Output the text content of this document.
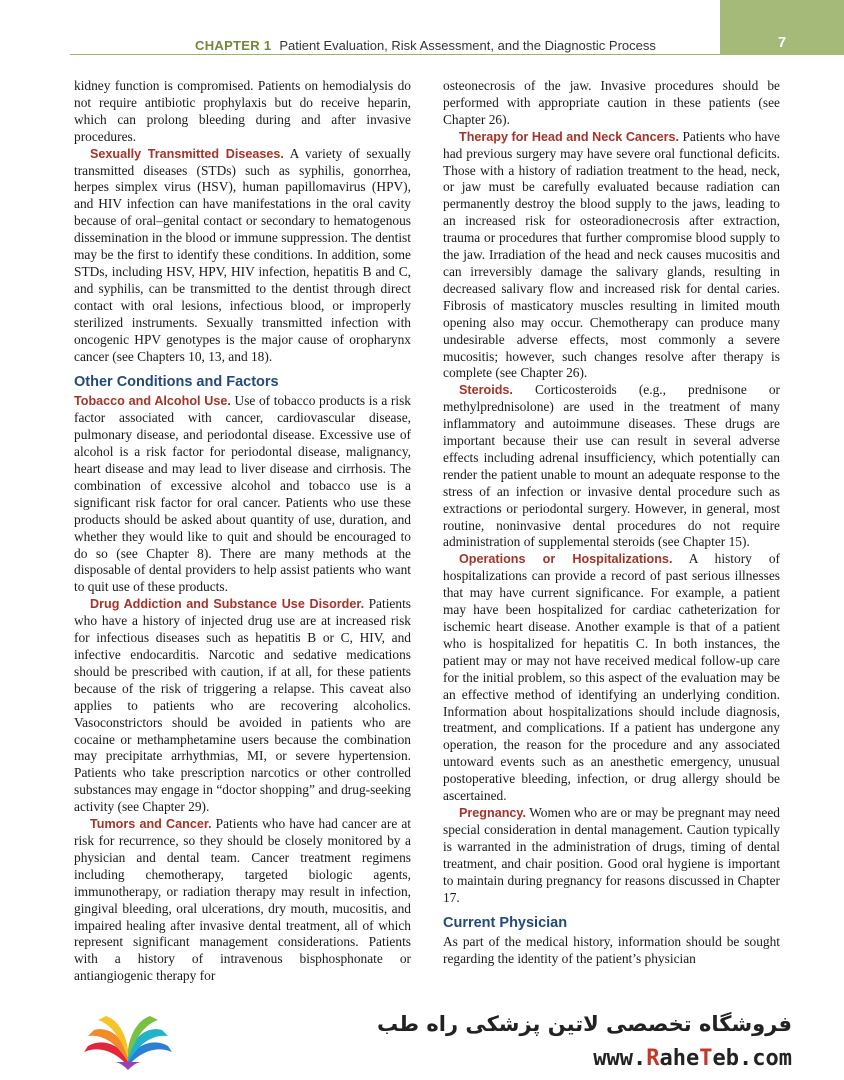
CHAPTER 1 Patient Evaluation, Risk Assessment, and the Diagnostic Process	7

kidney function is compromised. Patients on hemodialysis do not require antibiotic prophylaxis but do receive heparin, which can prolong bleeding during and after invasive procedures.

Sexually Transmitted Diseases. A variety of sexually transmitted diseases (STDs) such as syphilis, gonorrhea, herpes simplex virus (HSV), human papillomavirus (HPV), and HIV infection can have manifestations in the oral cavity because of oral–genital contact or secondary to hematogenous dissemination in the blood or immune suppression. The dentist may be the first to identify these conditions. In addition, some STDs, including HSV, HPV, HIV infection, hepatitis B and C, and syphilis, can be transmitted to the dentist through direct contact with oral lesions, infectious blood, or improperly sterilized instruments. Sexually transmitted infection with oncogenic HPV genotypes is the major cause of oropharynx cancer (see Chapters 10, 13, and 18).

Other Conditions and Factors

Tobacco and Alcohol Use. Use of tobacco products is a risk factor associated with cancer, cardiovascular disease, pulmonary disease, and periodontal disease. Excessive use of alcohol is a risk factor for periodontal disease, malignancy, heart disease and may lead to liver disease and cirrhosis. The combination of excessive alcohol and tobacco use is a significant risk factor for oral cancer. Patients who use these products should be asked about quantity of use, duration, and whether they would like to quit and should be encouraged to do so (see Chapter 8). There are many methods at the disposable of dental providers to help assist patients who want to quit use of these products.

Drug Addiction and Substance Use Disorder. Patients who have a history of injected drug use are at increased risk for infectious diseases such as hepatitis B or C, HIV, and infective endocarditis. Narcotic and sedative medications should be prescribed with caution, if at all, for these patients because of the risk of triggering a relapse. This caveat also applies to patients who are recovering alcoholics. Vasoconstrictors should be avoided in patients who are cocaine or methamphetamine users because the combination may precipitate arrhythmias, MI, or severe hypertension. Patients who take prescription narcotics or other controlled substances may engage in “doctor shopping” and drug-seeking activity (see Chapter 29).

Tumors and Cancer. Patients who have had cancer are at risk for recurrence, so they should be closely monitored by a physician and dental team. Cancer treatment regimens including chemotherapy, targeted biologic agents, immunotherapy, or radiation therapy may result in infection, gingival bleeding, oral ulcerations, dry mouth, mucositis, and impaired healing after invasive dental treatment, all of which represent significant management considerations. Patients with a history of intravenous bisphosphonate or antiangiogenic therapy for

osteonecrosis of the jaw. Invasive procedures should be performed with appropriate caution in these patients (see Chapter 26).

Therapy for Head and Neck Cancers. Patients who have had previous surgery may have severe oral functional deficits. Those with a history of radiation treatment to the head, neck, or jaw must be carefully evaluated because radiation can permanently destroy the blood supply to the jaws, leading to an increased risk for osteoradionecrosis after extraction, trauma or procedures that further compromise blood supply to the jaw. Irradiation of the head and neck causes mucositis and can irreversibly damage the salivary glands, resulting in decreased salivary flow and increased risk for dental caries. Fibrosis of masticatory muscles resulting in limited mouth opening also may occur. Chemotherapy can produce many undesirable adverse effects, most commonly a severe mucositis; however, such changes resolve after therapy is complete (see Chapter 26).

Steroids. Corticosteroids (e.g., prednisone or methylprednisolone) are used in the treatment of many inflammatory and autoimmune diseases. These drugs are important because their use can result in several adverse effects including adrenal insufficiency, which potentially can render the patient unable to mount an adequate response to the stress of an infection or invasive dental procedure such as extractions or periodontal surgery. However, in general, most routine, noninvasive dental procedures do not require administration of supplemental steroids (see Chapter 15).

Operations or Hospitalizations. A history of hospitalizations can provide a record of past serious illnesses that may have current significance. For example, a patient may have been hospitalized for cardiac catheterization for ischemic heart disease. Another example is that of a patient who is hospitalized for hepatitis C. In both instances, the patient may or may not have received medical follow-up care for the initial problem, so this aspect of the evaluation may be an effective method of identifying an underlying condition. Information about hospitalizations should include diagnosis, treatment, and complications. If a patient has undergone any operation, the reason for the procedure and any associated untoward events such as an anesthetic emergency, unusual postoperative bleeding, infection, or drug allergy should be ascertained.

Pregnancy. Women who are or may be pregnant may need special consideration in dental management. Caution typically is warranted in the administration of drugs, timing of dental treatment, and chair position. Good oral hygiene is important to maintain during pregnancy for reasons discussed in Chapter 17.

Current Physician

As part of the medical history, information should be sought regarding the identity of the patient’s physician

فروشگاه تخصصی لاتین پزشکی راه طب
www.RaheTeb.com
